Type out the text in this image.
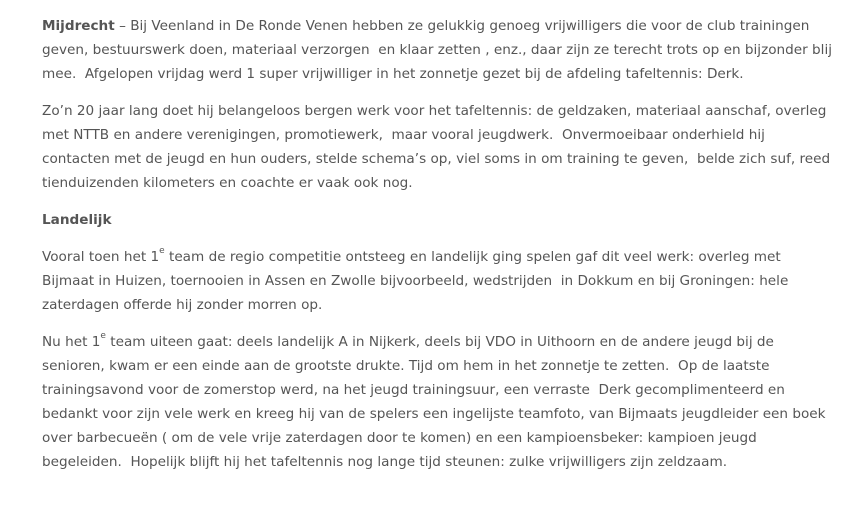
Mijdrecht – Bij Veenland in De Ronde Venen hebben ze gelukkig genoeg vrijwilligers die voor de club trainingen geven, bestuurswerk doen, materiaal verzorgen  en klaar zetten , enz., daar zijn ze terecht trots op en bijzonder blij mee.  Afgelopen vrijdag werd 1 super vrijwilliger in het zonnetje gezet bij de afdeling tafeltennis: Derk.

Zo’n 20 jaar lang doet hij belangeloos bergen werk voor het tafeltennis: de geldzaken, materiaal aanschaf, overleg met NTTB en andere verenigingen, promotiewerk,  maar vooral jeugdwerk.  Onvermoeibaar onderhield hij contacten met de jeugd en hun ouders, stelde schema’s op, viel soms in om training te geven,  belde zich suf, reed tienduizenden kilometers en coachte er vaak ook nog.

Landelijk

Vooral toen het 1e team de regio competitie ontsteeg en landelijk ging spelen gaf dit veel werk: overleg met Bijmaat in Huizen, toernooien in Assen en Zwolle bijvoorbeeld, wedstrijden  in Dokkum en bij Groningen: hele zaterdagen offerde hij zonder morren op.

Nu het 1e team uiteen gaat: deels landelijk A in Nijkerk, deels bij VDO in Uithoorn en de andere jeugd bij de senioren, kwam er een einde aan de grootste drukte. Tijd om hem in het zonnetje te zetten.  Op de laatste trainingsavond voor de zomerstop werd, na het jeugd trainingsuur, een verraste  Derk gecomplimenteerd en bedankt voor zijn vele werk en kreeg hij van de spelers een ingelijste teamfoto, van Bijmaats jeugdleider een boek over barbecueën ( om de vele vrije zaterdagen door te komen) en een kampioensbeker: kampioen jeugd begeleiden.  Hopelijk blijft hij het tafeltennis nog lange tijd steunen: zulke vrijwilligers zijn zeldzaam.
